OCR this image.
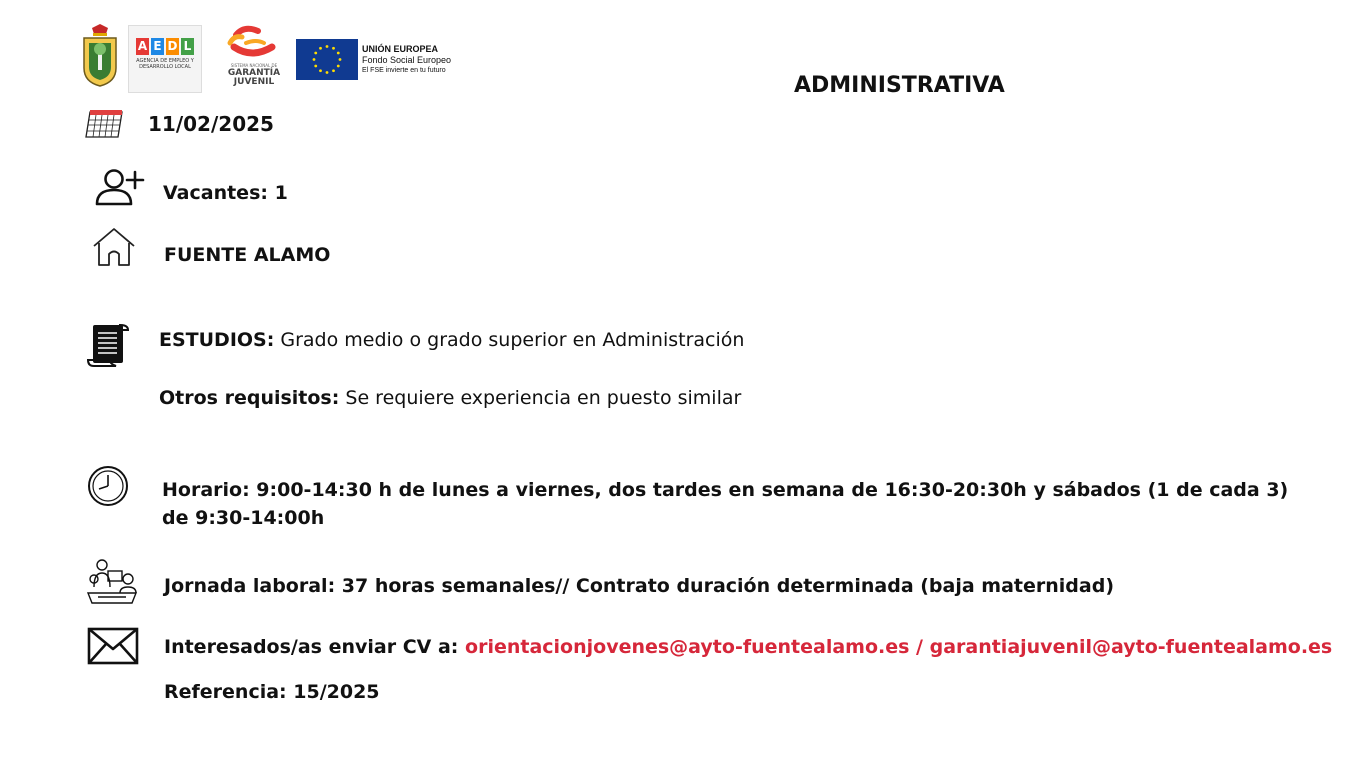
A E D L
AGENCIA DE EMPLEO Y DESARROLLO LOCAL	SISTEMA NACIONAL DE
GARANTÍA JUVENIL
UNIÓN EUROPEA
Fondo Social Europeo
El FSE invierte en tu futuro
ADMINISTRATIVA
11/02/2025
Vacantes: 1
FUENTE ALAMO
ESTUDIOS: Grado medio o grado superior en Administración
Otros requisitos: Se requiere experiencia en puesto similar
Horario: 9:00-14:30 h de lunes a viernes, dos tardes en semana de 16:30-20:30h y sábados (1 de cada 3)
de 9:30-14:00h
Jornada laboral: 37 horas semanales// Contrato duración determinada (baja maternidad)
Interesados/as enviar CV a: orientacionjovenes@ayto-fuentealamo.es / garantiajuvenil@ayto-fuentealamo.es
Referencia: 15/2025
